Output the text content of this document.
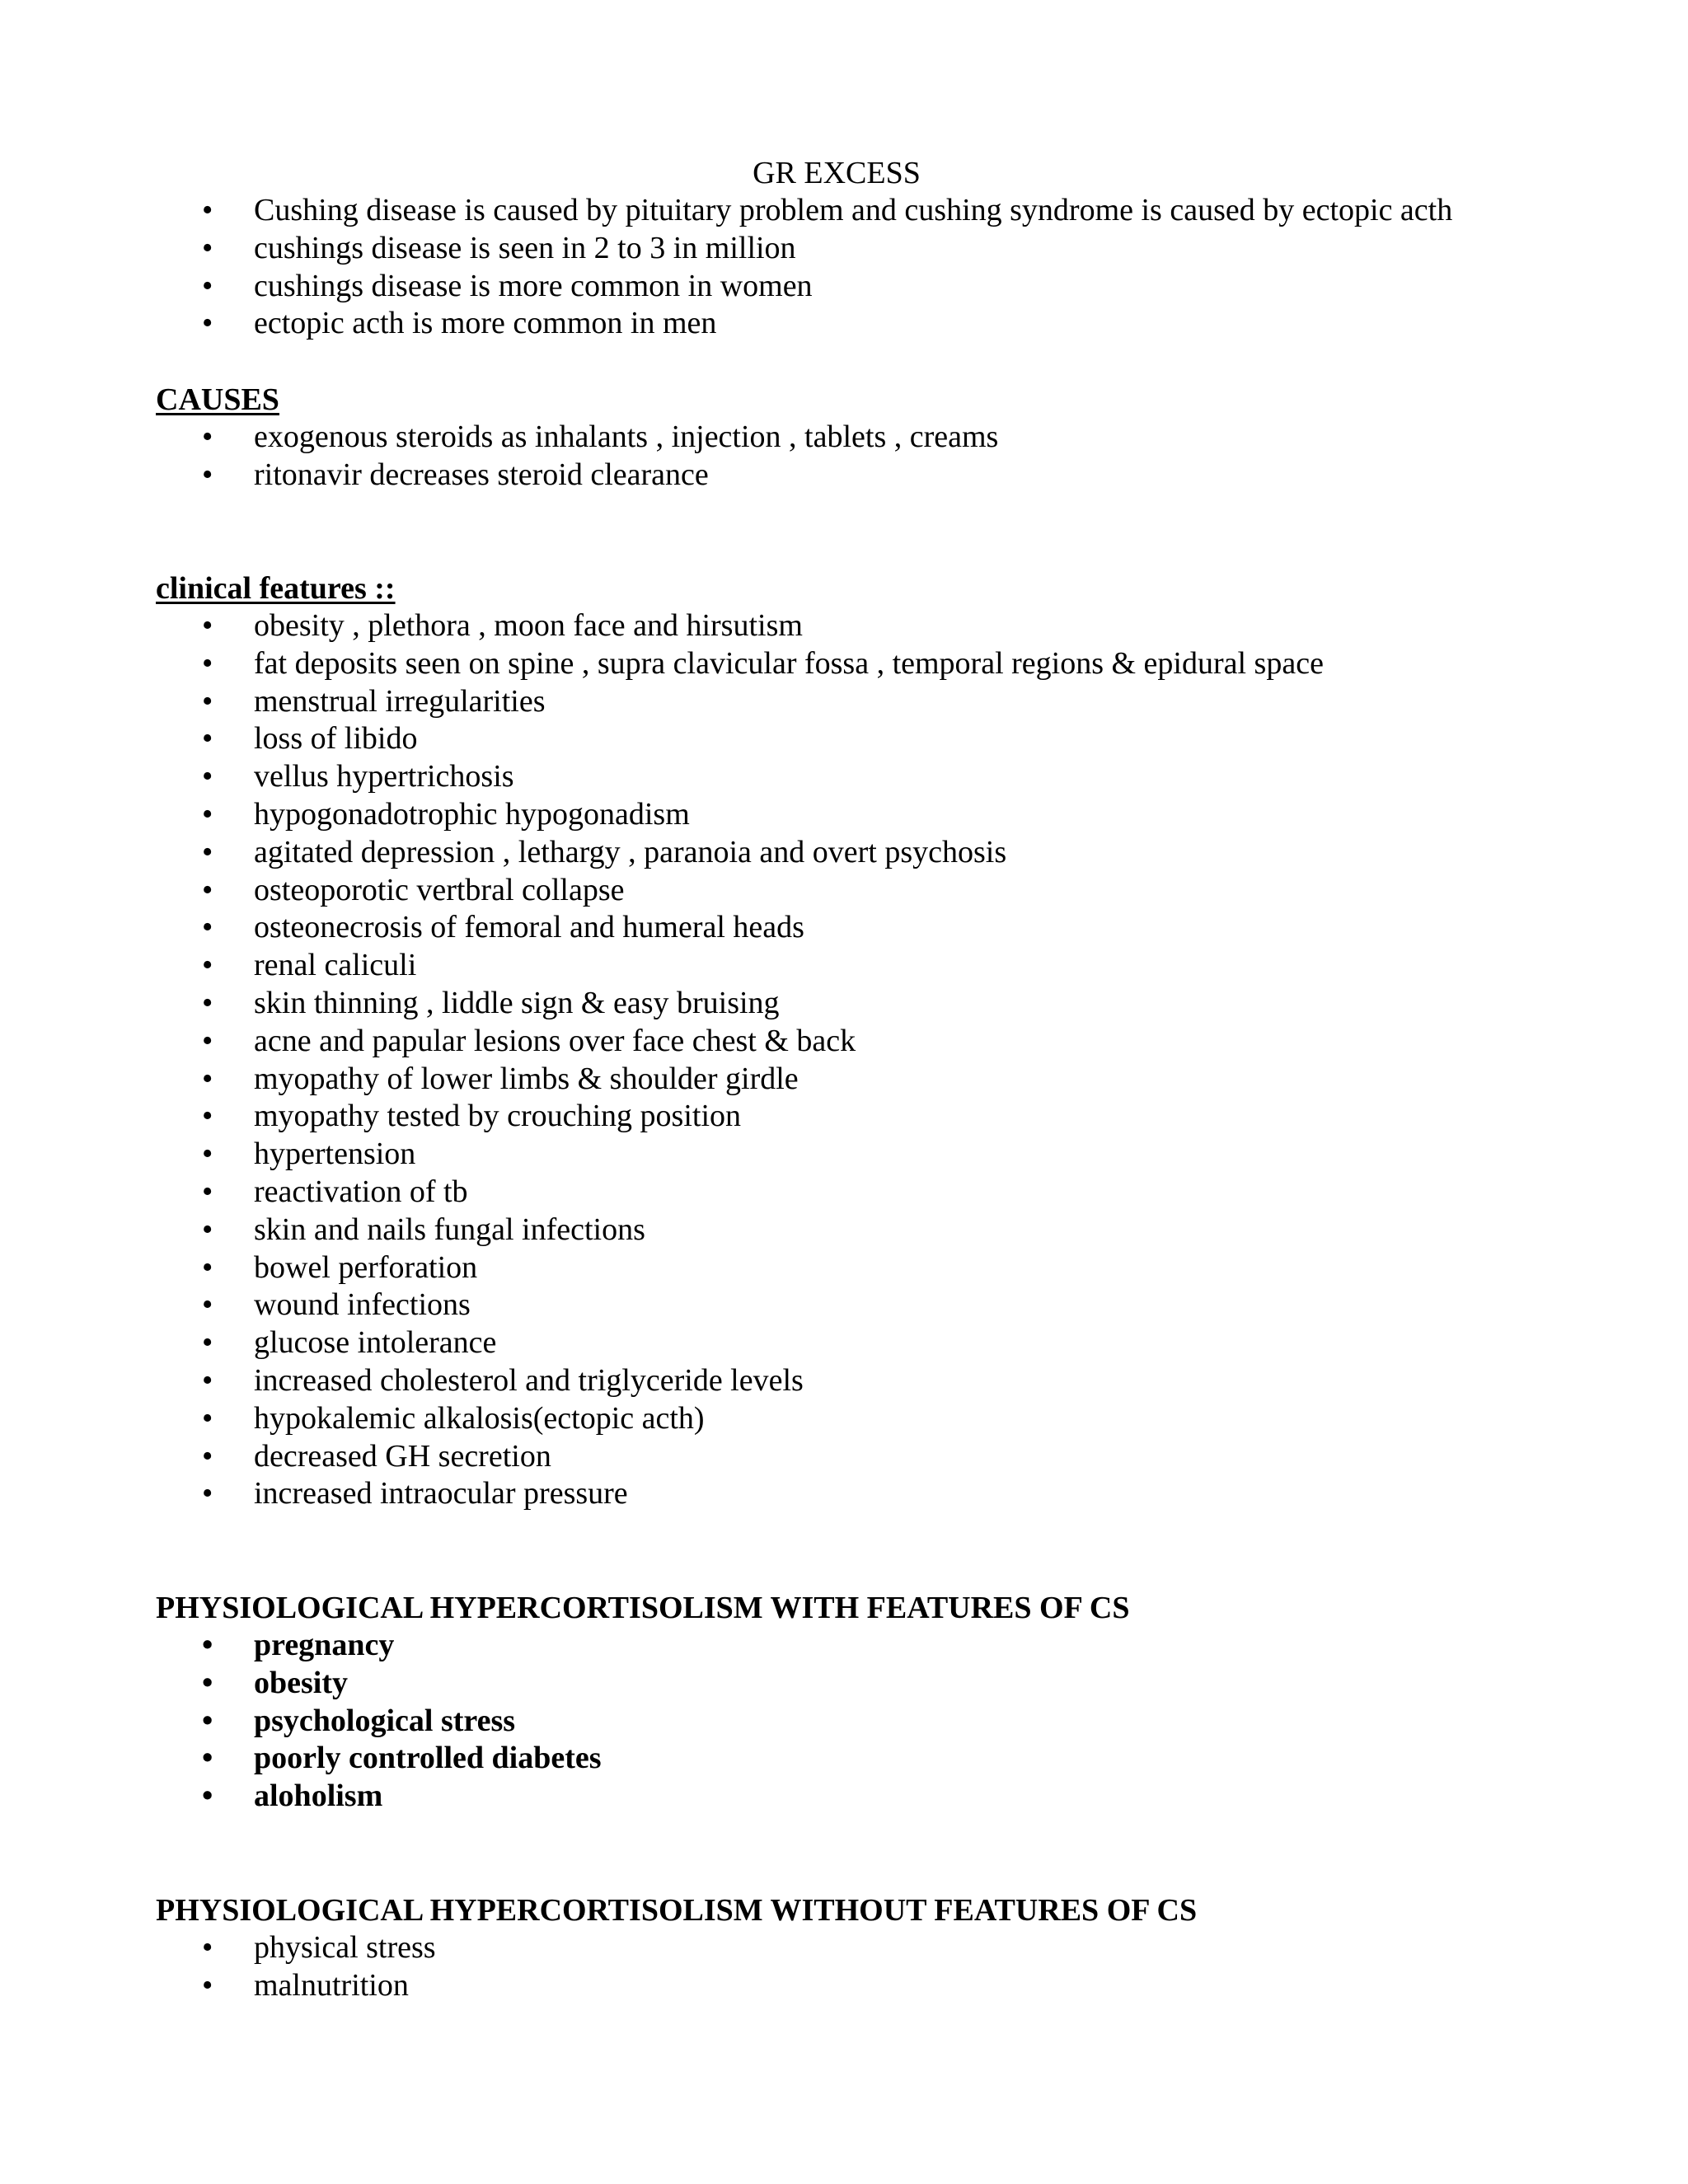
GR EXCESS
• Cushing disease is caused by pituitary problem and cushing syndrome is caused by ectopic acth
• cushings disease is seen in 2 to 3 in million
• cushings disease is more common in women
• ectopic acth is more common in men

CAUSES

• exogenous steroids as inhalants , injection , tablets , creams
• ritonavir decreases steroid clearance

clinical features ::

• obesity , plethora , moon face and hirsutism
• fat deposits seen on spine , supra clavicular fossa , temporal regions & epidural space
• menstrual irregularities
• loss of libido
• vellus hypertrichosis
• hypogonadotrophic hypogonadism
• agitated depression , lethargy , paranoia and overt psychosis
• osteoporotic vertbral collapse
• osteonecrosis of femoral and humeral heads
• renal caliculi
• skin thinning , liddle sign & easy bruising
• acne and papular lesions over face chest & back
• myopathy of lower limbs & shoulder girdle
• myopathy tested by crouching position
• hypertension
• reactivation of tb
• skin and nails fungal infections
• bowel perforation
• wound infections
• glucose intolerance
• increased cholesterol and triglyceride levels
• hypokalemic alkalosis(ectopic acth)
• decreased GH secretion
• increased intraocular pressure

PHYSIOLOGICAL HYPERCORTISOLISM WITH FEATURES OF CS

• pregnancy
• obesity
• psychological stress
• poorly controlled diabetes
• aloholism

PHYSIOLOGICAL HYPERCORTISOLISM WITHOUT FEATURES OF CS

• physical stress
• malnutrition
